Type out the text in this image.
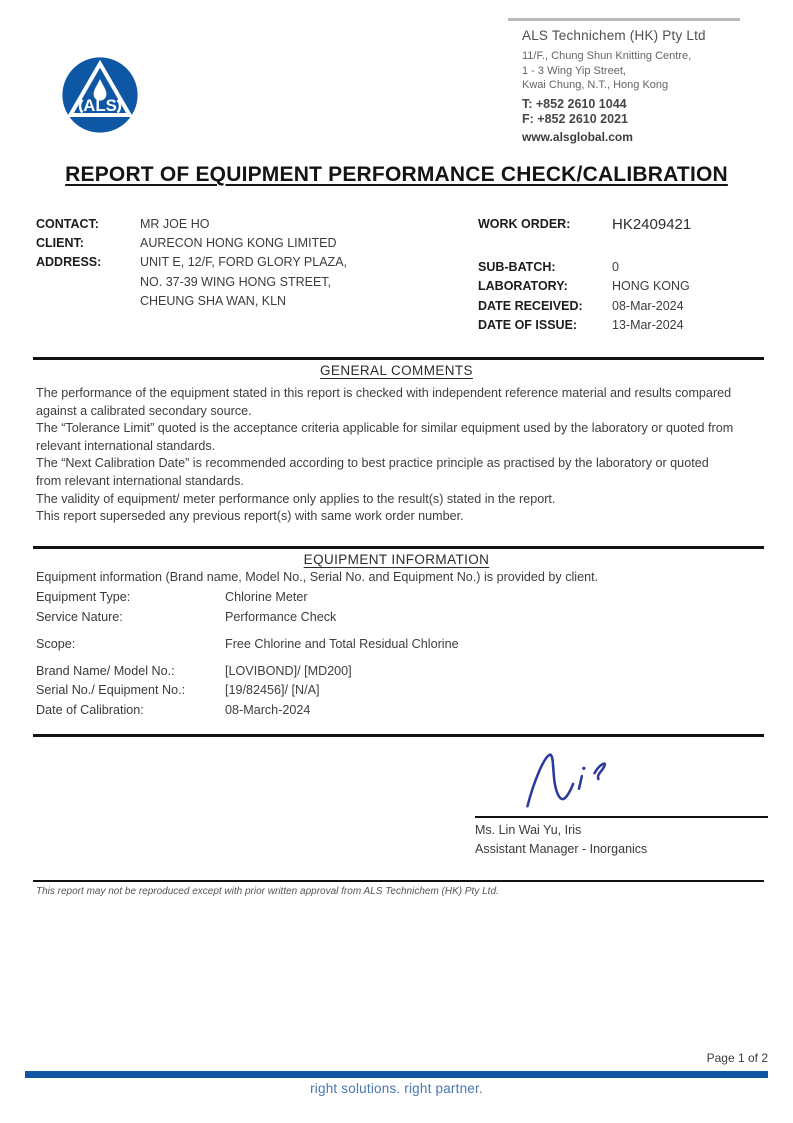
ALS
ALS Technichem (HK) Pty Ltd
11/F., Chung Shun Knitting Centre,
1 - 3 Wing Yip Street,
Kwai Chung, N.T., Hong Kong
T: +852 2610 1044
F: +852 2610 2021
www.alsglobal.com
REPORT OF EQUIPMENT PERFORMANCE CHECK/CALIBRATION
CONTACT:	MR JOE HO
CLIENT:	AURECON HONG KONG LIMITED
ADDRESS:	UNIT E, 12/F, FORD GLORY PLAZA,
NO. 37-39 WING HONG STREET,
CHEUNG SHA WAN, KLN
WORK ORDER:	HK2409421
SUB-BATCH:	0
LABORATORY:	HONG KONG
DATE RECEIVED:	08-Mar-2024
DATE OF ISSUE:	13-Mar-2024
GENERAL COMMENTS

The performance of the equipment stated in this report is checked with independent reference material and results compared against a calibrated secondary source.

The “Tolerance Limit” quoted is the acceptance criteria applicable for similar equipment used by the laboratory or quoted from relevant international standards.

The “Next Calibration Date” is recommended according to best practice principle as practised by the laboratory or quoted from relevant international standards.

The validity of equipment/ meter performance only applies to the result(s) stated in the report.

This report superseded any previous report(s) with same work order number.

EQUIPMENT INFORMATION
Equipment information (Brand name, Model No., Serial No. and Equipment No.) is provided by client.
Equipment Type:	Chlorine Meter
Service Nature:	Performance Check
Scope:	Free Chlorine and Total Residual Chlorine
Brand Name/ Model No.:	[LOVIBOND]/ [MD200]
Serial No./ Equipment No.:	[19/82456]/ [N/A]
Date of Calibration:	08-March-2024
Ms. Lin Wai Yu, Iris
Assistant Manager - Inorganics
This report may not be reproduced except with prior written approval from ALS Technichem (HK) Pty Ltd.
Page 1 of 2
right solutions. right partner.
